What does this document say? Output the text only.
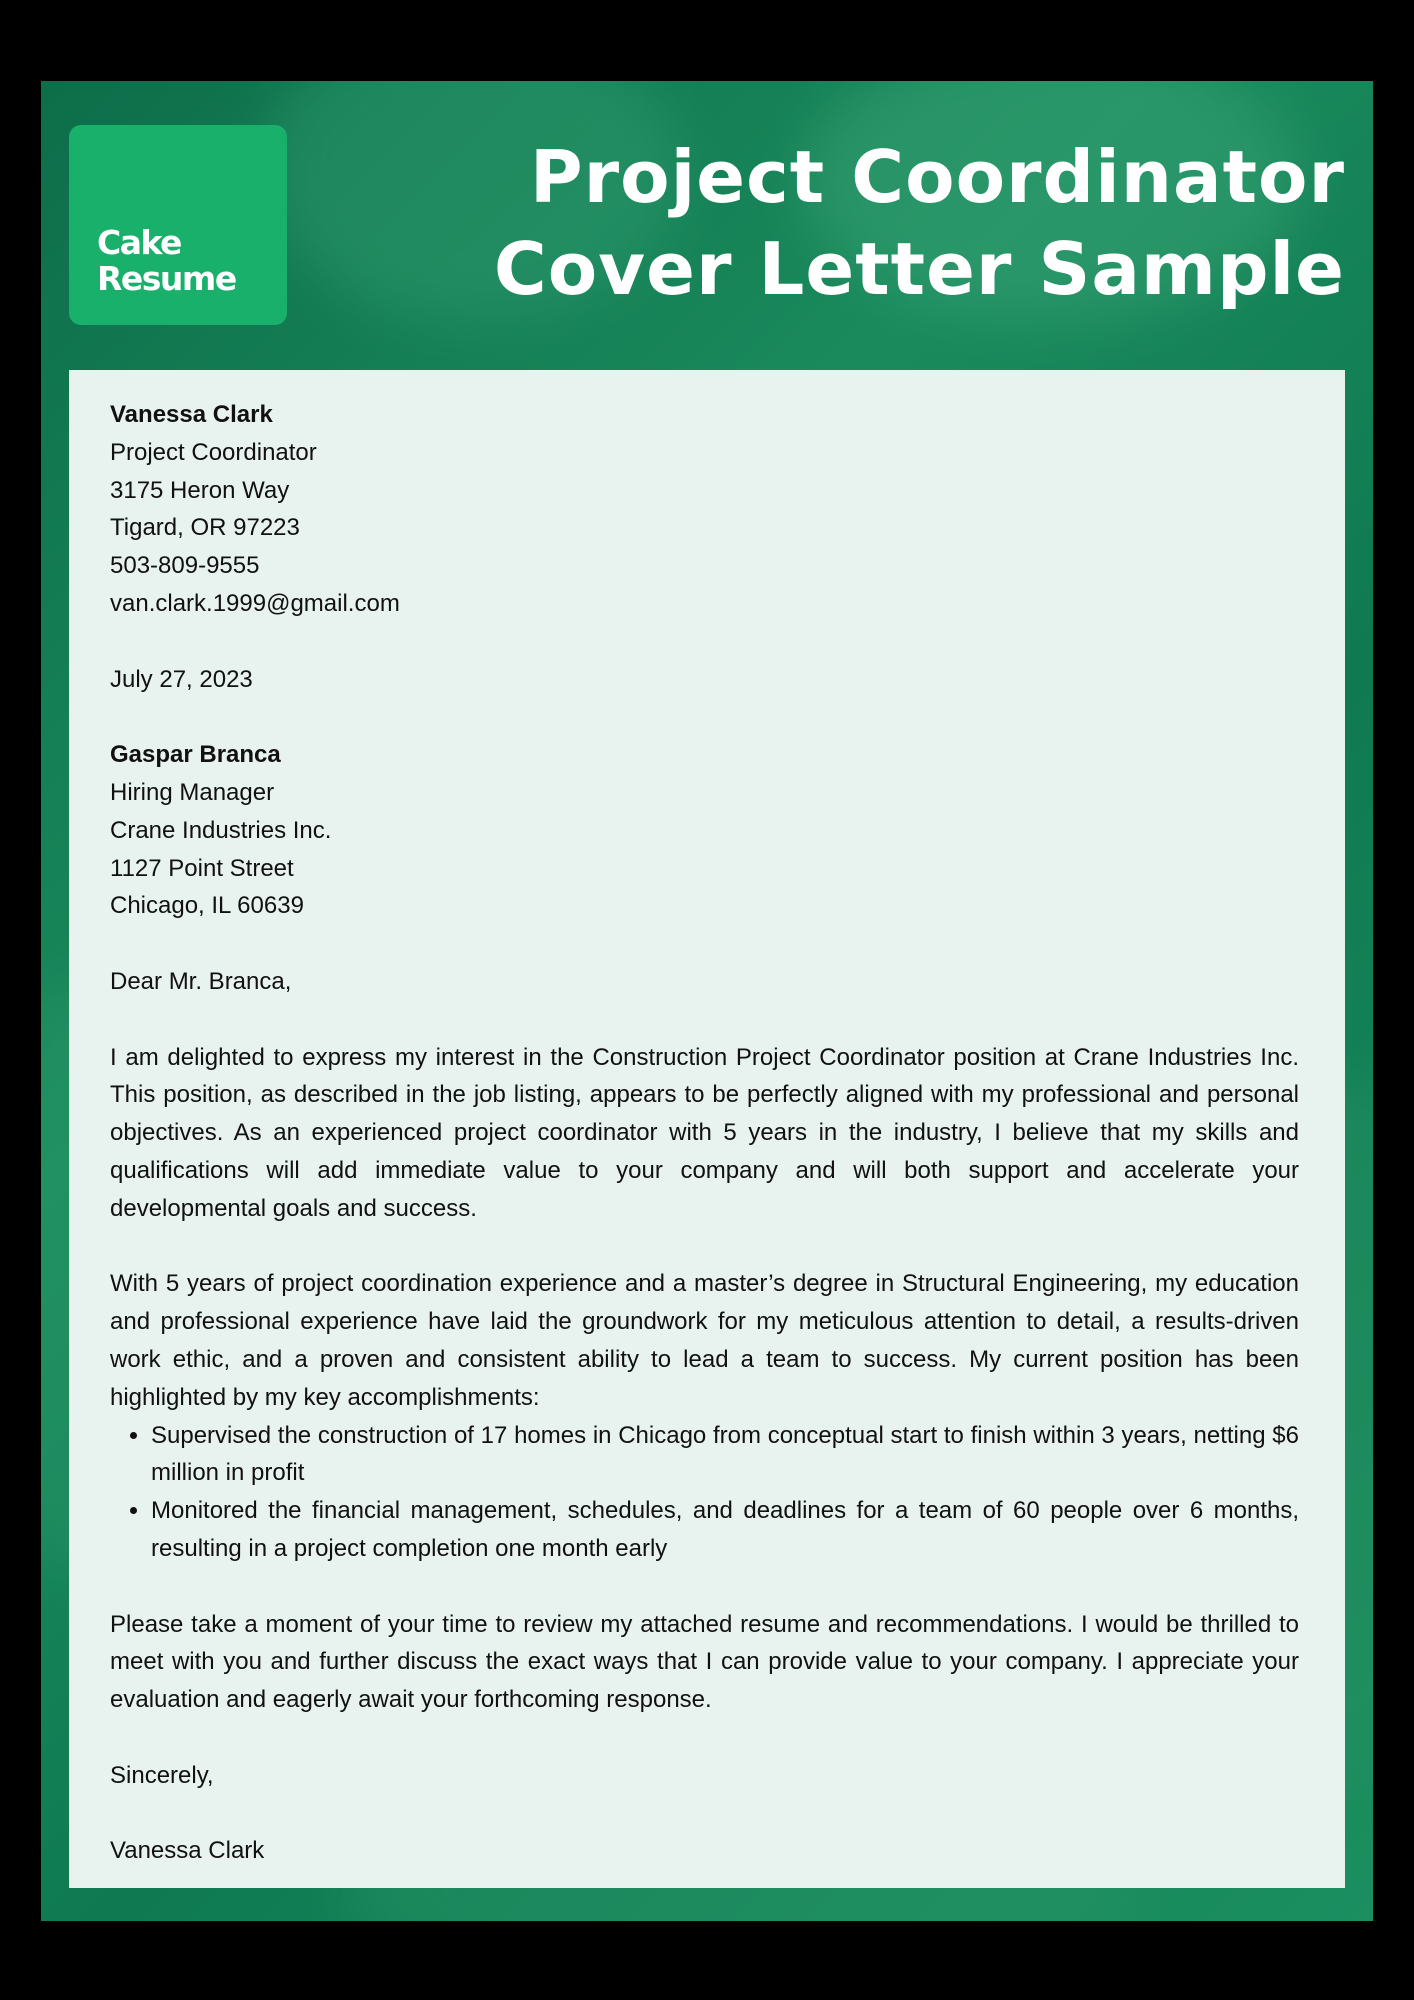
Cake
Resume
Project Coordinator
Cover Letter Sample

Vanessa Clark

Project Coordinator

3175 Heron Way

Tigard, OR 97223

503-809-9555

van.clark.1999@gmail.com

July 27, 2023

Gaspar Branca

Hiring Manager

Crane Industries Inc.

1127 Point Street

Chicago, IL 60639

Dear Mr. Branca,

I am delighted to express my interest in the Construction Project Coordinator position at Crane Industries Inc. This position, as described in the job listing, appears to be perfectly aligned with my professional and personal objectives. As an experienced project coordinator with 5 years in the industry, I believe that my skills and qualifications will add immediate value to your company and will both support and accelerate your developmental goals and success.

With 5 years of project coordination experience and a master’s degree in Structural Engineering, my education and professional experience have laid the groundwork for my meticulous attention to detail, a results-driven work ethic, and a proven and consistent ability to lead a team to success. My current position has been highlighted by my key accomplishments:

• Supervised the construction of 17 homes in Chicago from conceptual start to finish within 3 years, netting $6 million in profit
• Monitored the financial management, schedules, and deadlines for a team of 60 people over 6 months, resulting in a project completion one month early

Please take a moment of your time to review my attached resume and recommendations. I would be thrilled to meet with you and further discuss the exact ways that I can provide value to your company. I appreciate your evaluation and eagerly await your forthcoming response.

Sincerely,

Vanessa Clark
